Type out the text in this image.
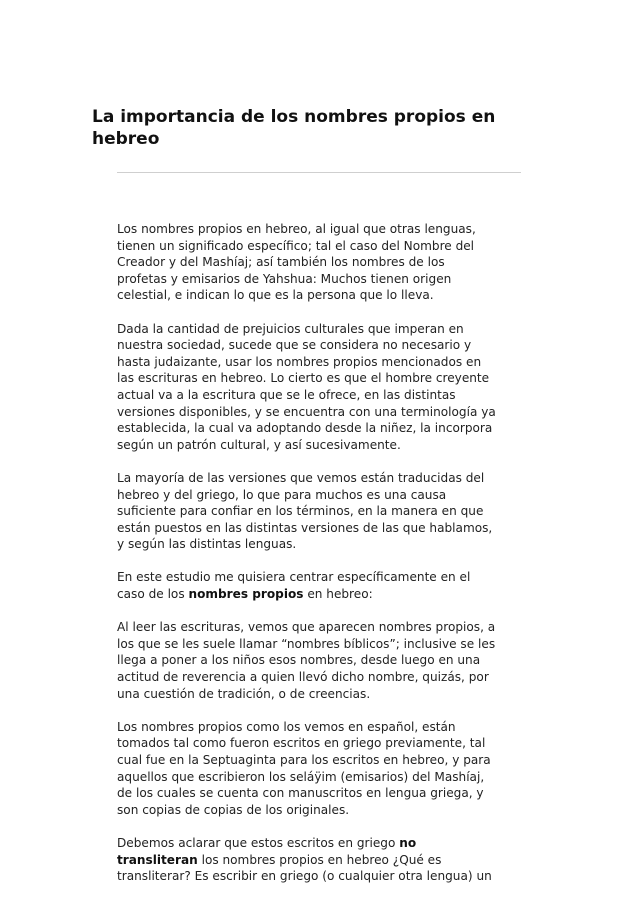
La importancia de los nombres propios en
hebreo

Los nombres propios en hebreo, al igual que otras lenguas,
tienen un significado específico; tal el caso del Nombre del
Creador y del Mashíaj; así también los nombres de los
profetas y emisarios de Yahshua: Muchos tienen origen
celestial, e indican lo que es la persona que lo lleva.

Dada la cantidad de prejuicios culturales que imperan en
nuestra sociedad, sucede que se considera no necesario y
hasta judaizante, usar los nombres propios mencionados en
las escrituras en hebreo. Lo cierto es que el hombre creyente
actual va a la escritura que se le ofrece, en las distintas
versiones disponibles, y se encuentra con una terminología ya
establecida, la cual va adoptando desde la niñez, la incorpora
según un patrón cultural, y así sucesivamente.

La mayoría de las versiones que vemos están traducidas del
hebreo y del griego, lo que para muchos es una causa
suficiente para confiar en los términos, en la manera en que
están puestos en las distintas versiones de las que hablamos,
y según las distintas lenguas.

En este estudio me quisiera centrar específicamente en el
caso de los nombres propios en hebreo:

Al leer las escrituras, vemos que aparecen nombres propios, a
los que se les suele llamar “nombres bíblicos”; inclusive se les
llega a poner a los niños esos nombres, desde luego en una
actitud de reverencia a quien llevó dicho nombre, quizás, por
una cuestión de tradición, o de creencias.

Los nombres propios como los vemos en español, están
tomados tal como fueron escritos en griego previamente, tal
cual fue en la Septuaginta para los escritos en hebreo, y para
aquellos que escribieron los seláÿim (emisarios) del Mashíaj,
de los cuales se cuenta con manuscritos en lengua griega, y
son copias de copias de los originales.

Debemos aclarar que estos escritos en griego no
transliteran los nombres propios en hebreo ¿Qué es
transliterar? Es escribir en griego (o cualquier otra lengua) un
